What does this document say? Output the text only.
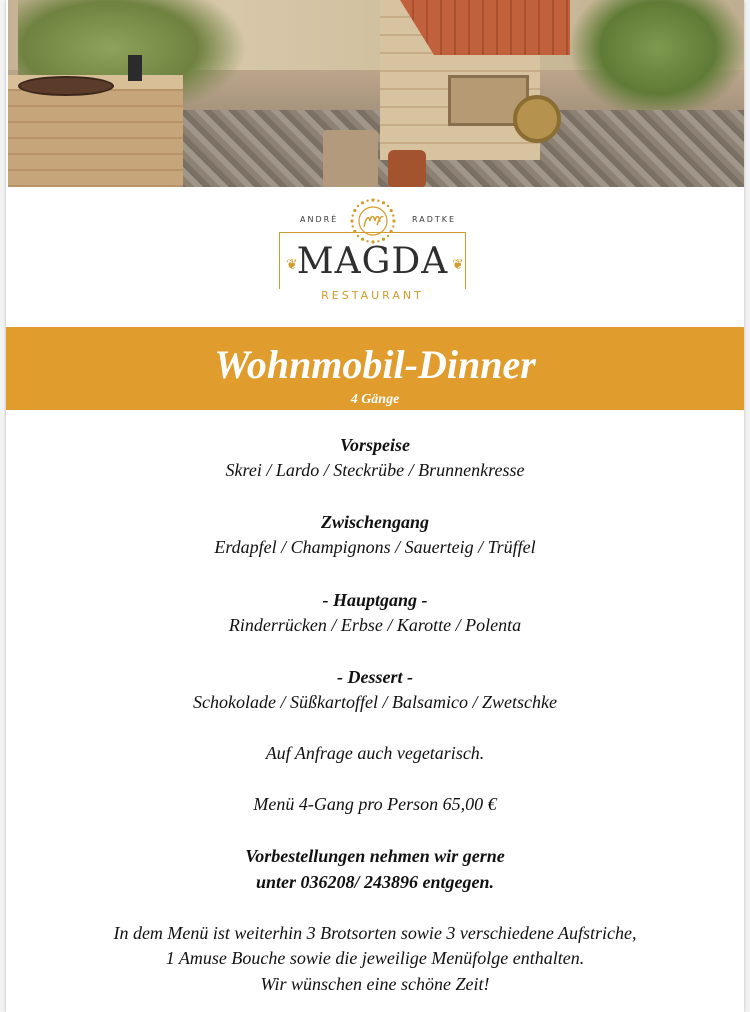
ANDRÉ	RADTKE
❦	❦
MAGDA
RESTAURANT
Wohnmobil-Dinner
4 Gänge
Vorspeise
Skrei / Lardo / Steckrübe / Brunnenkresse
Zwischengang
Erdapfel / Champignons / Sauerteig / Trüffel
- Hauptgang -
Rinderrücken / Erbse / Karotte / Polenta
- Dessert -
Schokolade / Süßkartoffel / Balsamico / Zwetschke
Auf Anfrage auch vegetarisch.
Menü 4-Gang pro Person 65,00 €
Vorbestellungen nehmen wir gerne
unter 036208/ 243896 entgegen.
In dem Menü ist weiterhin 3 Brotsorten sowie 3 verschiedene Aufstriche,
1 Amuse Bouche sowie die jeweilige Menüfolge enthalten.
Wir wünschen eine schöne Zeit!
